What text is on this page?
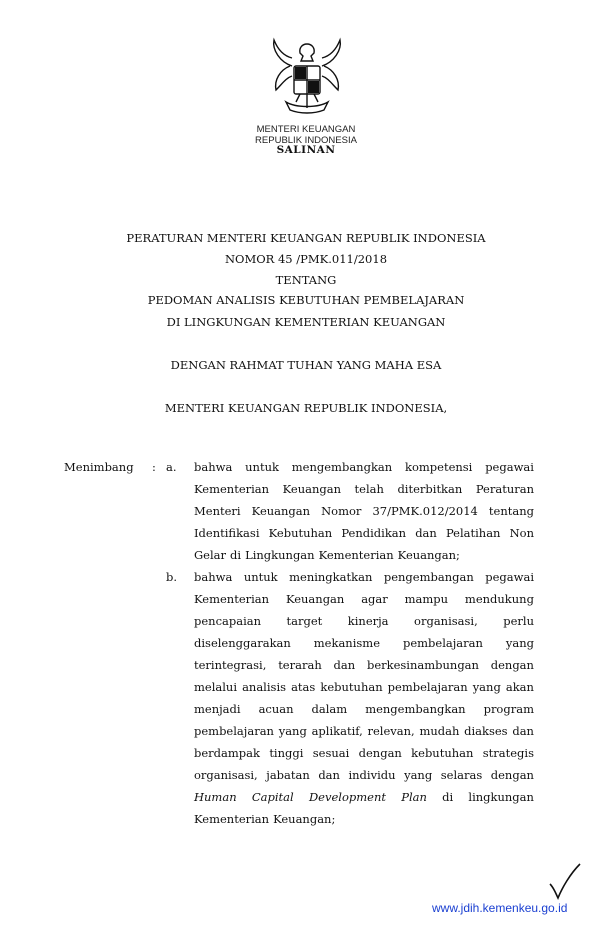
MENTERI KEUANGAN
REPUBLIK INDONESIA
SALINAN
PERATURAN MENTERI KEUANGAN REPUBLIK INDONESIA
NOMOR 45 /PMK.011/2018
TENTANG
PEDOMAN ANALISIS KEBUTUHAN PEMBELAJARAN
DI LINGKUNGAN KEMENTERIAN KEUANGAN
DENGAN RAHMAT TUHAN YANG MAHA ESA
MENTERI KEUANGAN REPUBLIK INDONESIA,
Menimbang : a.
b.
bahwa untuk mengembangkan kompetensi pegawai
Kementerian Keuangan telah diterbitkan Peraturan
Menteri Keuangan Nomor 37/PMK.012/2014 tentang
Identifikasi Kebutuhan Pendidikan dan Pelatihan Non
Gelar di Lingkungan Kementerian Keuangan;
bahwa untuk meningkatkan pengembangan pegawai
Kementerian Keuangan agar mampu mendukung
pencapaian target kinerja organisasi, perlu
diselenggarakan mekanisme pembelajaran yang
terintegrasi, terarah dan berkesinambungan dengan
melalui analisis atas kebutuhan pembelajaran yang akan
menjadi acuan dalam mengembangkan program
pembelajaran yang aplikatif, relevan, mudah diakses dan
berdampak tinggi sesuai dengan kebutuhan strategis
organisasi, jabatan dan individu yang selaras dengan
Human Capital Development Plan di lingkungan
Kementerian Keuangan;
www.jdih.kemenkeu.go.id
